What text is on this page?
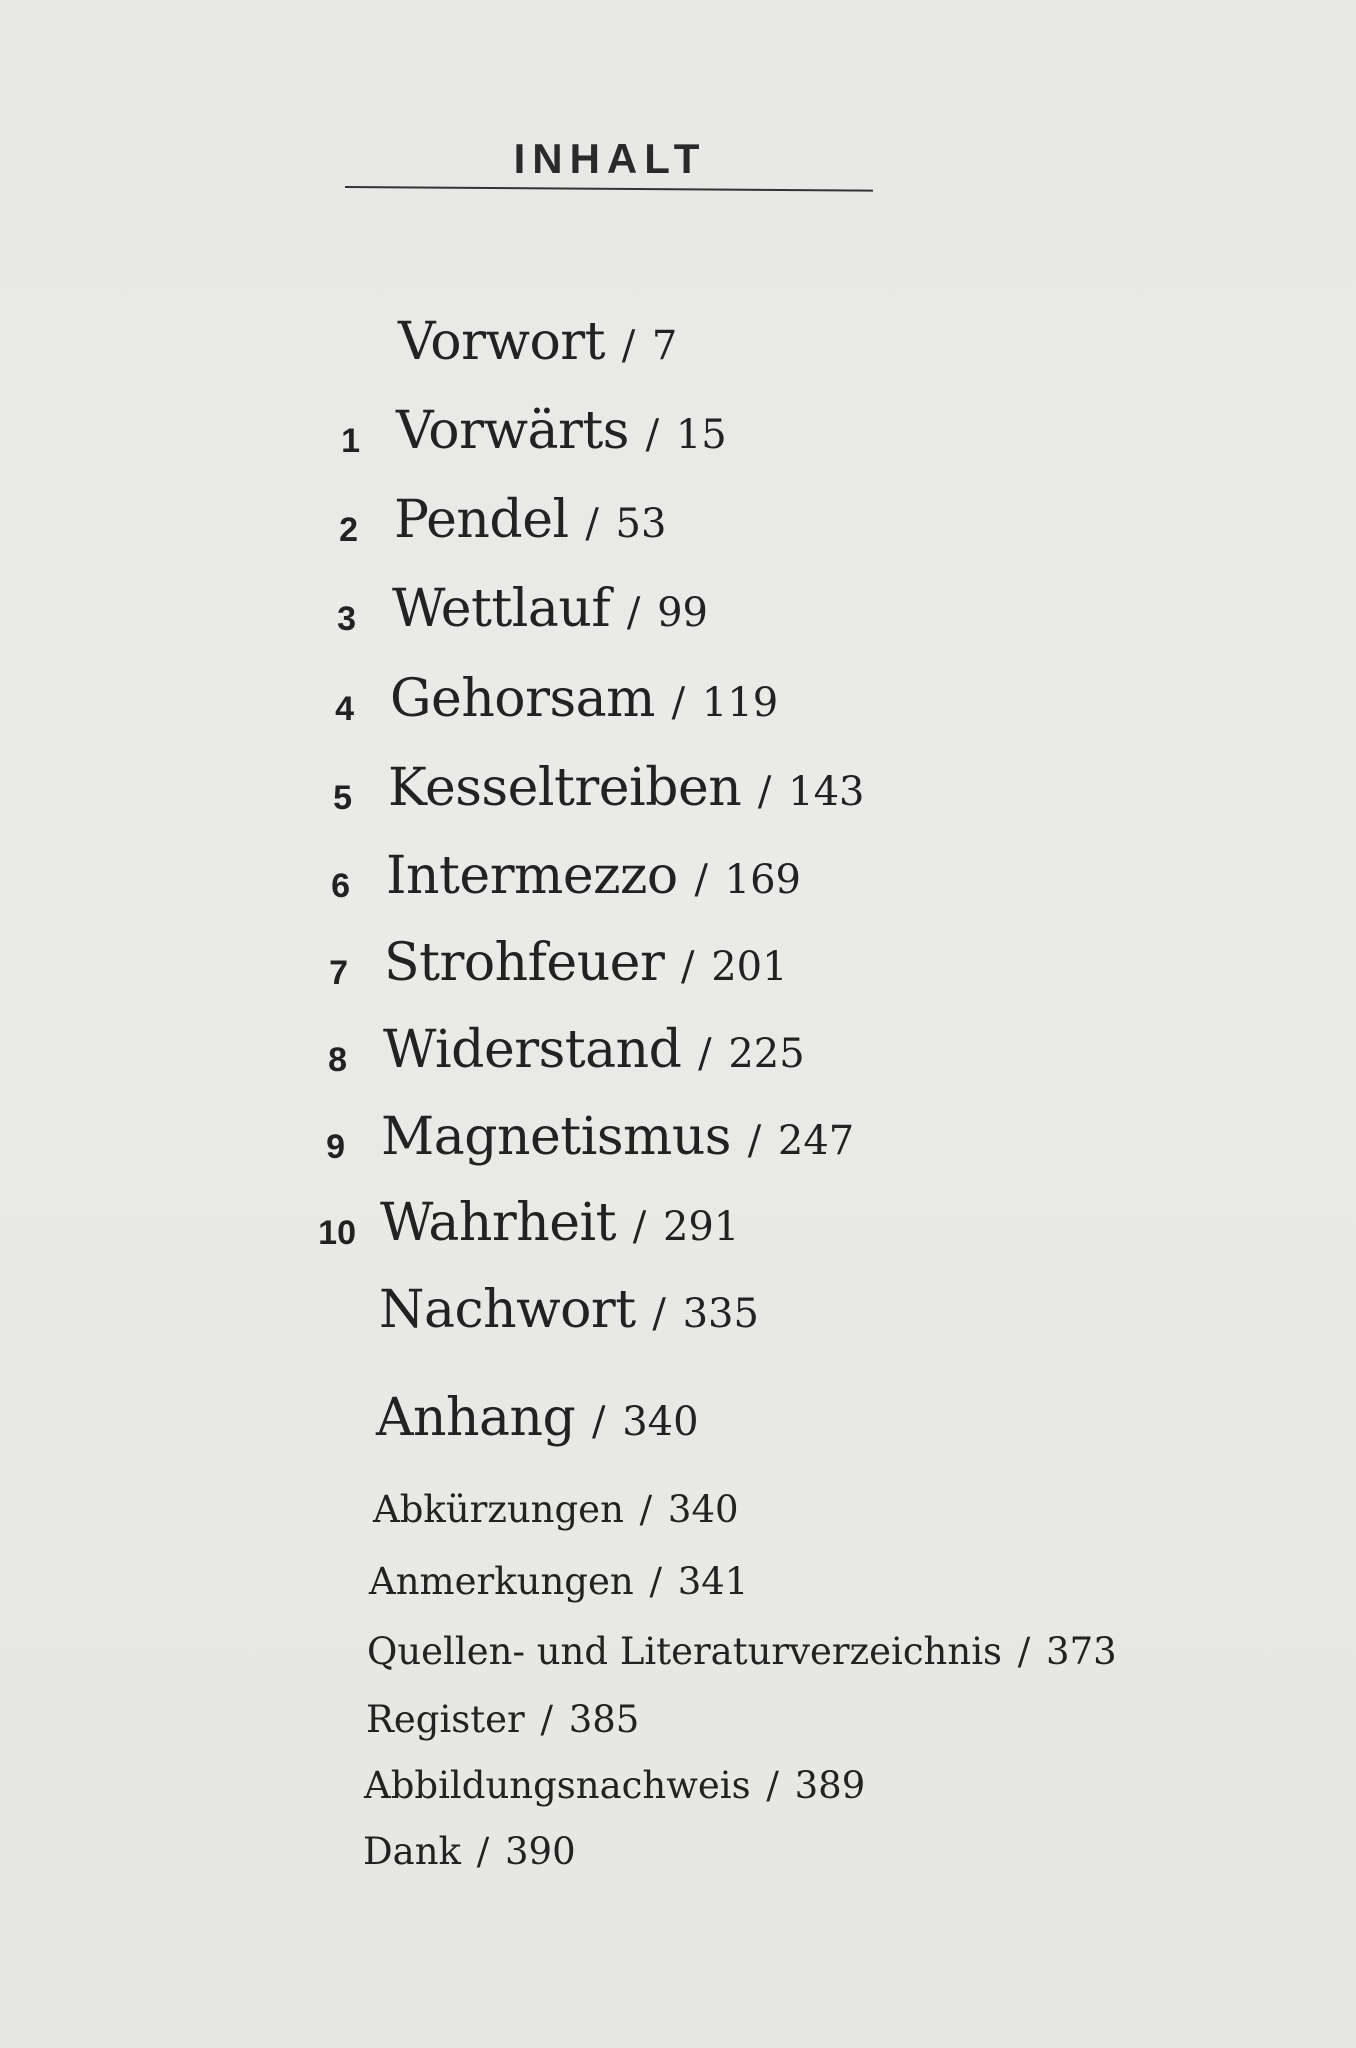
INHALT
Vorwort  /  7
1 Vorwärts  /  15
2 Pendel  /  53
3 Wettlauf  /  99
4 Gehorsam  /  119
5 Kesseltreiben  /  143
6 Intermezzo  /  169
7 Strohfeuer  /  201
8 Widerstand  /  225
9 Magnetismus  /  247
10 Wahrheit  /  291
Nachwort  /  335
Anhang  /  340
Abkürzungen  /  340
Anmerkungen  /  341
Quellen- und Literaturverzeichnis  /  373
Register  /  385
Abbildungsnachweis  /  389
Dank  /  390
